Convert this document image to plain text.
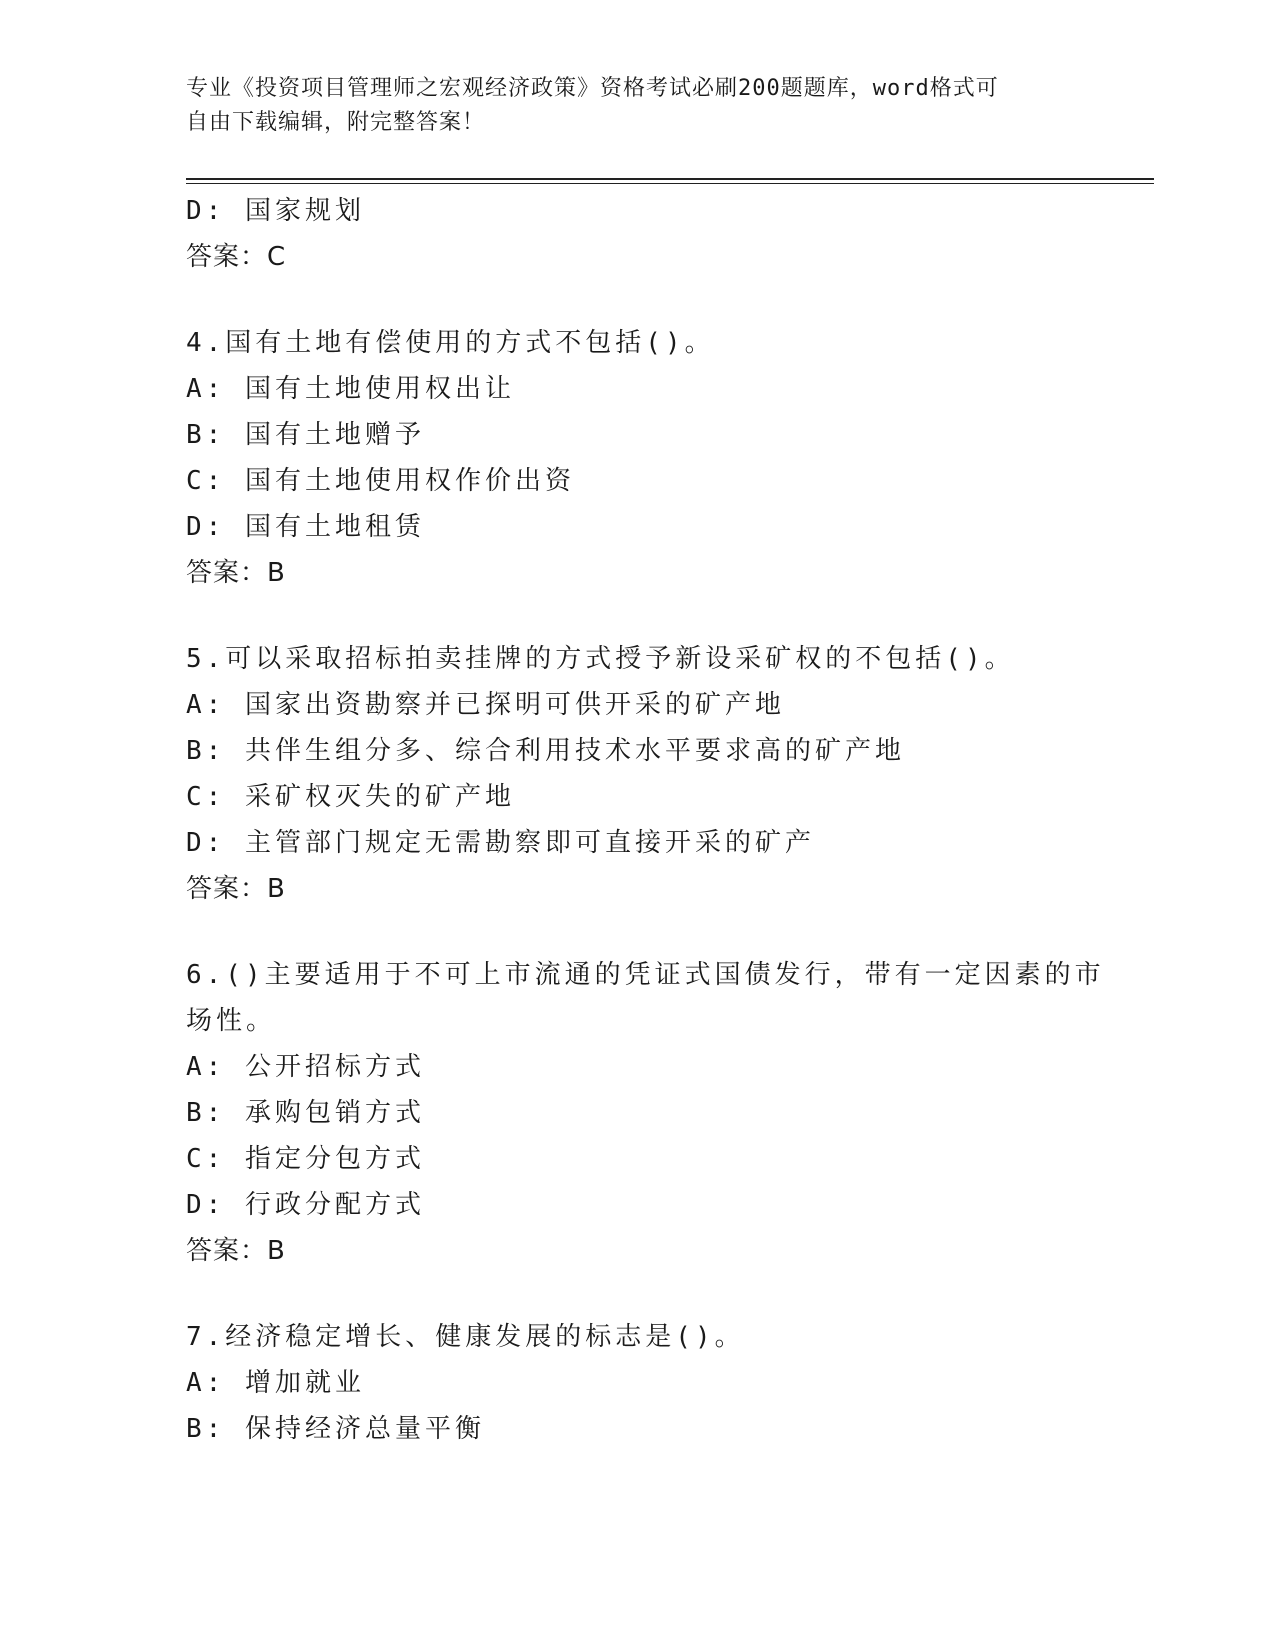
专业《投资项目管理师之宏观经济政策》资格考试必刷200题题库，word格式可
自由下载编辑，附完整答案！
D: 国家规划
答案：C
4.国有土地有偿使用的方式不包括()。
A: 国有土地使用权出让
B: 国有土地赠予
C: 国有土地使用权作价出资
D: 国有土地租赁
答案：B
5.可以采取招标拍卖挂牌的方式授予新设采矿权的不包括()。
A: 国家出资勘察并已探明可供开采的矿产地
B: 共伴生组分多、综合利用技术水平要求高的矿产地
C: 采矿权灭失的矿产地
D: 主管部门规定无需勘察即可直接开采的矿产
答案：B
6.()主要适用于不可上市流通的凭证式国债发行，带有一定因素的市
场性。
A: 公开招标方式
B: 承购包销方式
C: 指定分包方式
D: 行政分配方式
答案：B
7.经济稳定增长、健康发展的标志是()。
A: 增加就业
B: 保持经济总量平衡
